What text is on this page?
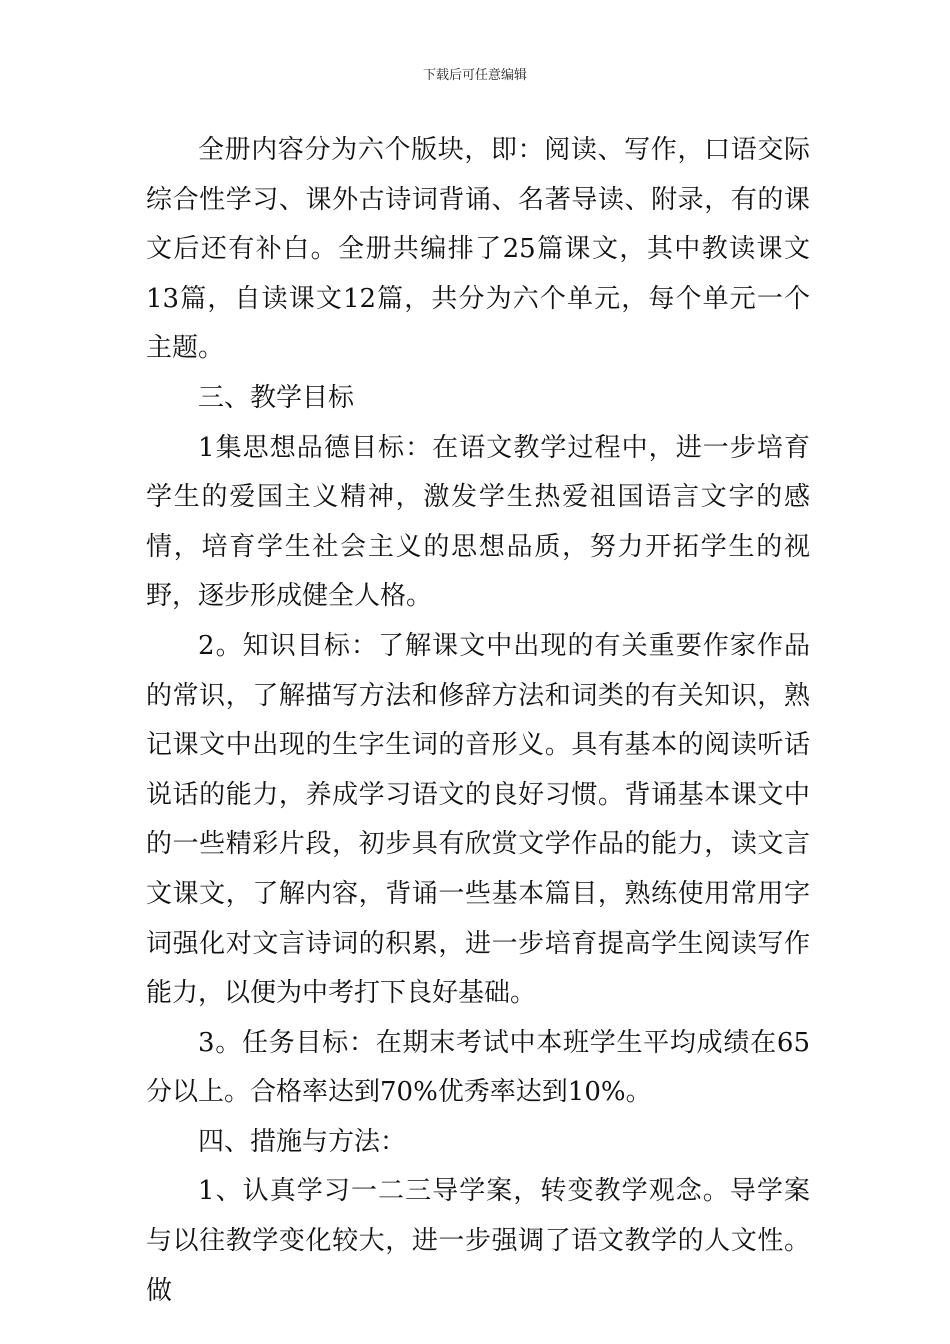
下载后可任意编辑

全册内容分为六个版块，即：阅读、写作，口语交际综合性学习、课外古诗词背诵、名著导读、附录，有的课文后还有补白。全册共编排了25篇课文，其中教读课文13篇，自读课文12篇，共分为六个单元，每个单元一个主题。

三、教学目标

1集思想品德目标：在语文教学过程中，进一步培育学生的爱国主义精神，激发学生热爱祖国语言文字的感情，培育学生社会主义的思想品质，努力开拓学生的视野，逐步形成健全人格。

2。知识目标：了解课文中出现的有关重要作家作品的常识，了解描写方法和修辞方法和词类的有关知识，熟记课文中出现的生字生词的音形义。具有基本的阅读听话说话的能力，养成学习语文的良好习惯。背诵基本课文中的一些精彩片段，初步具有欣赏文学作品的能力，读文言文课文，了解内容，背诵一些基本篇目，熟练使用常用字词强化对文言诗词的积累，进一步培育提高学生阅读写作能力，以便为中考打下良好基础。

3。任务目标：在期末考试中本班学生平均成绩在65分以上。合格率达到70%优秀率达到10%。

四、措施与方法：

1、认真学习一二三导学案，转变教学观念。导学案与以往教学变化较大，进一步强调了语文教学的人文性。做
